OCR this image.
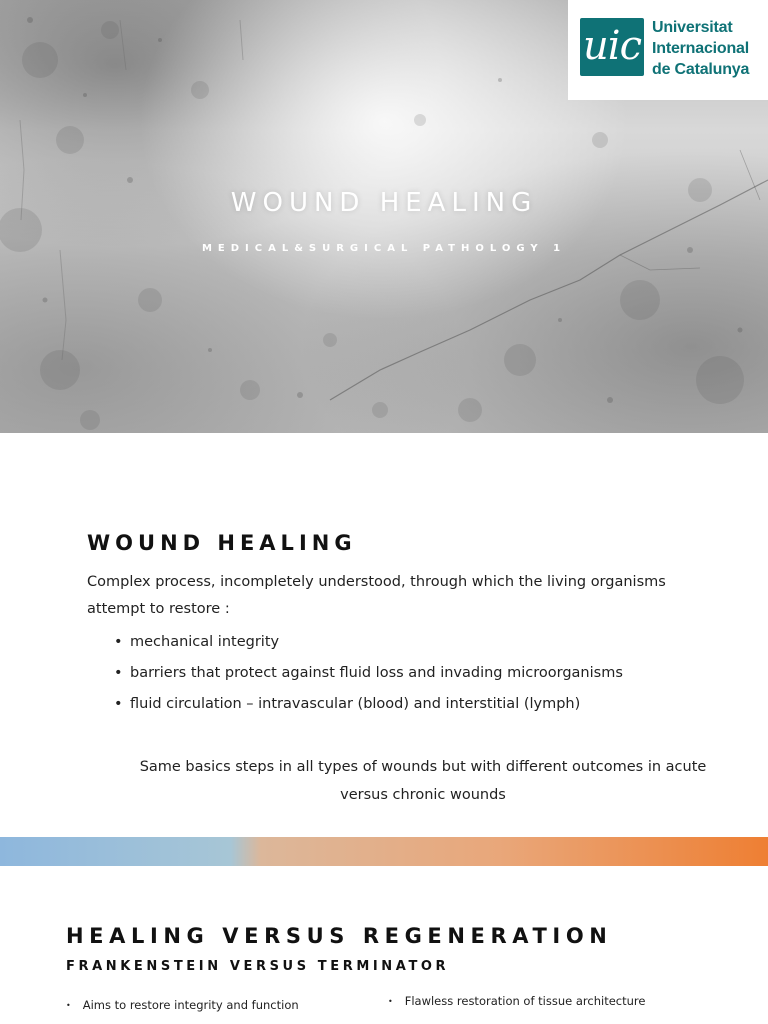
WOUND HEALING
MEDICAL&SURGICAL PATHOLOGY 1
uic Universitat
Internacional
de Catalunya
WOUND HEALING
Complex process, incompletely understood, through which the living organisms attempt to restore :
• mechanical integrity
• barriers that protect against fluid loss and invading microorganisms
• fluid circulation – intravascular (blood) and interstitial (lymph)
Same basics steps in all types of wounds but with different outcomes in acute versus chronic wounds
HEALING VERSUS REGENERATION
FRANKENSTEIN VERSUS TERMINATOR
• Aims to restore integrity and function	• Flawless restoration of tissue architecture
